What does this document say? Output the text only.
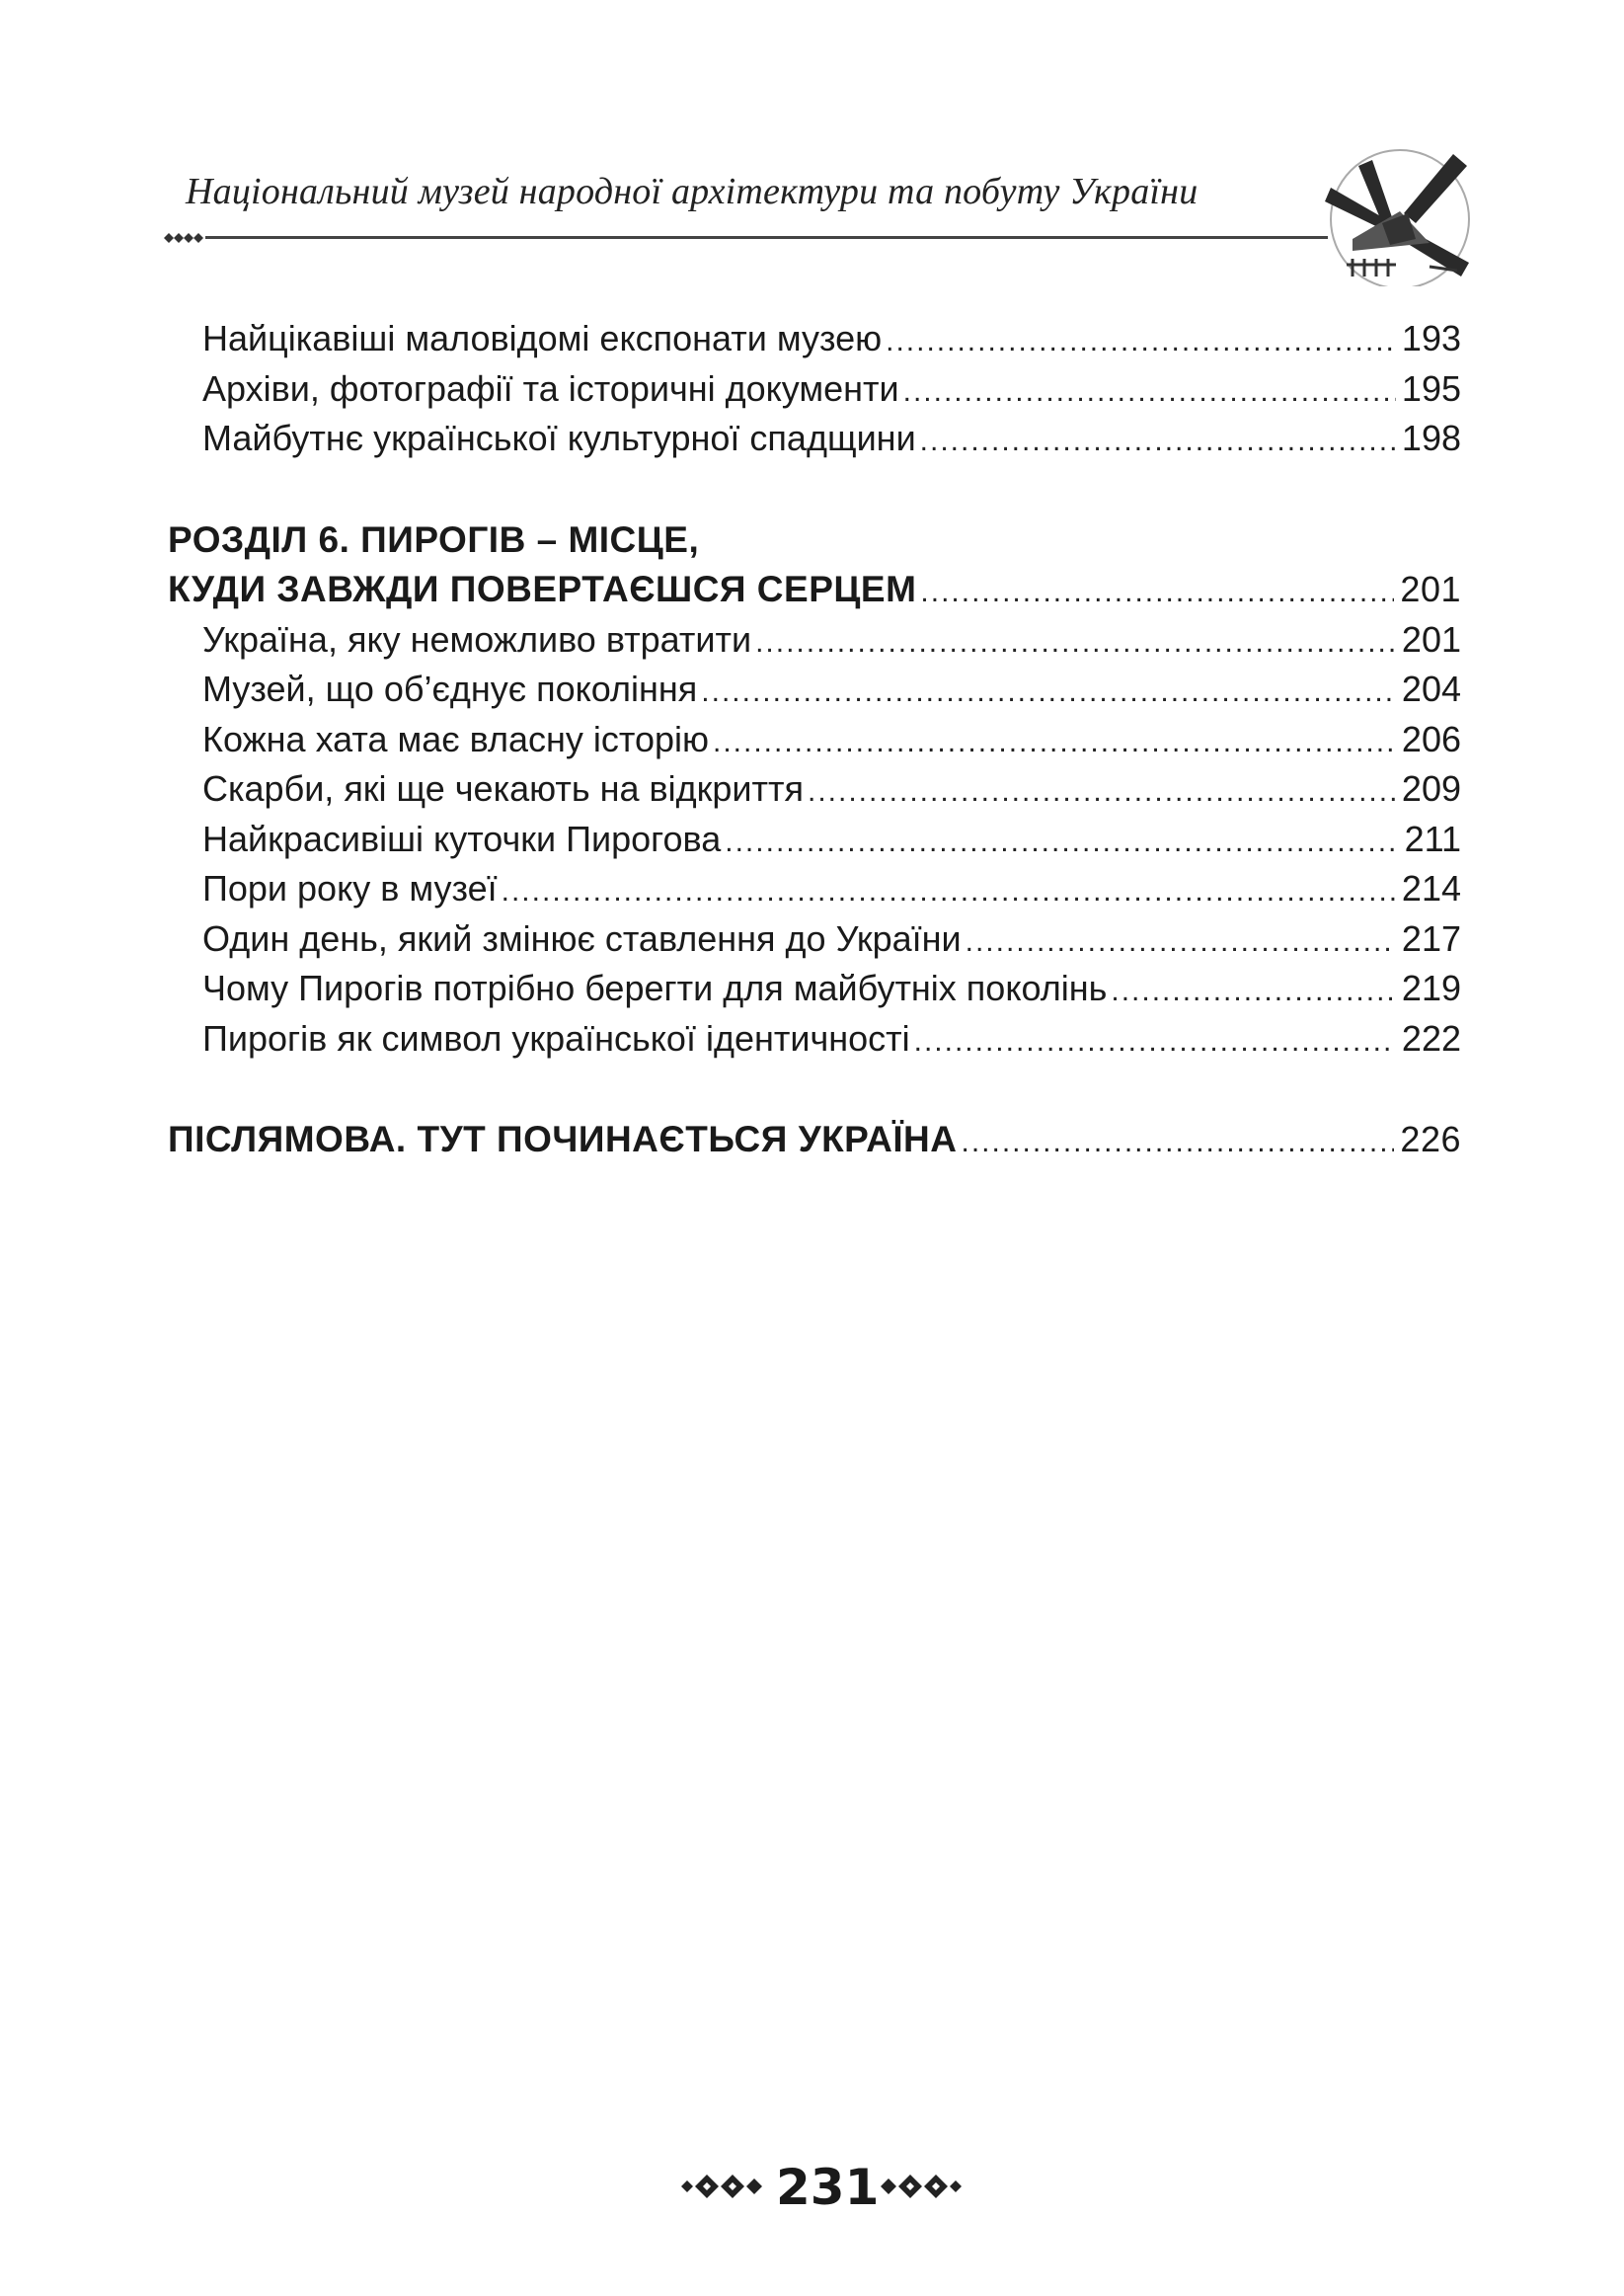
Національний музей народної архітектури та побуту України
Найцікавіші маловідомі експонати музею .....	193
Архіви, фотографії та історичні документи .....	195
Майбутнє української культурної спадщини .....	198
РОЗДІЛ 6. ПИРОГІВ – МІСЦЕ,
КУДИ ЗАВЖДИ ПОВЕРТАЄШСЯ СЕРЦЕМ .....	201
Україна, яку неможливо втратити .....	201
Музей, що об’єднує покоління .....	204
Кожна хата має власну історію .....	206
Скарби, які ще чекають на відкриття .....	209
Найкрасивіші куточки Пирогова .....	211
Пори року в музеї .....	214
Один день, який змінює ставлення до України .....	217
Чому Пирогів потрібно берегти для майбутніх поколінь .....	219
Пирогів як символ української ідентичності .....	222
ПІСЛЯМОВА. ТУТ ПОЧИНАЄТЬСЯ УКРАЇНА .....	226
231
